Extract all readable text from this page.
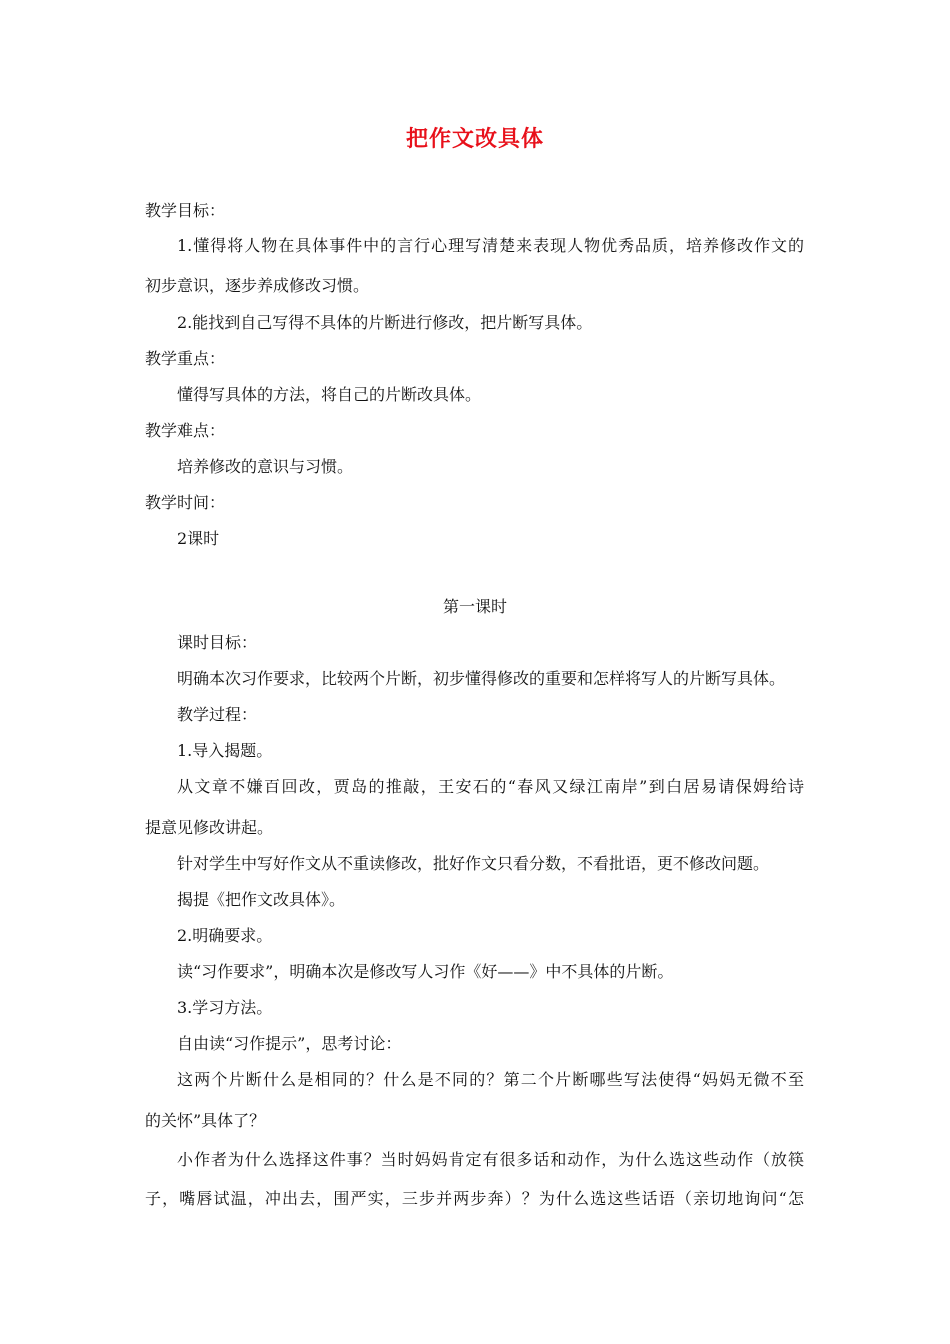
把作文改具体
教学目标：
1.懂得将人物在具体事件中的言行心理写清楚来表现人物优秀品质，培养修改作文的
初步意识，逐步养成修改习惯。
2.能找到自己写得不具体的片断进行修改，把片断写具体。
教学重点：
懂得写具体的方法，将自己的片断改具体。
教学难点：
培养修改的意识与习惯。
教学时间：
2课时
第一课时
课时目标：
明确本次习作要求，比较两个片断，初步懂得修改的重要和怎样将写人的片断写具体。
教学过程：
1.导入揭题。
从文章不嫌百回改，贾岛的推敲，王安石的“春风又绿江南岸”到白居易请保姆给诗
提意见修改讲起。
针对学生中写好作文从不重读修改，批好作文只看分数，不看批语，更不修改问题。
揭提《把作文改具体》。
2.明确要求。
读“习作要求”，明确本次是修改写人习作《好——》中不具体的片断。
3.学习方法。
自由读“习作提示”，思考讨论：
这两个片断什么是相同的？什么是不同的？第二个片断哪些写法使得“妈妈无微不至
的关怀”具体了？
小作者为什么选择这件事？当时妈妈肯定有很多话和动作，为什么选这些动作（放筷
子，嘴唇试温，冲出去，围严实，三步并两步奔）？为什么选这些话语（亲切地询问“怎
